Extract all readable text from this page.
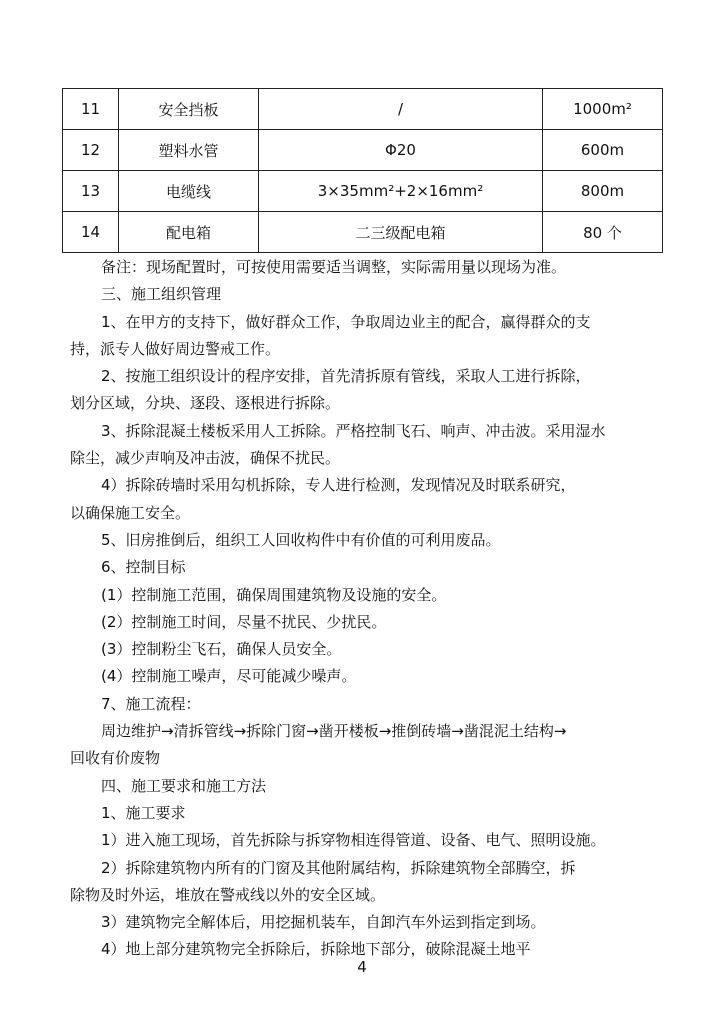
11	安全挡板	/	1000m²
12	塑料水管	Φ20	600m
13	电缆线	3×35mm²+2×16mm²	800m
14	配电箱	二三级配电箱	80 个

备注：现场配置时，可按使用需要适当调整，实际需用量以现场为准。

三、施工组织管理

1、在甲方的支持下，做好群众工作，争取周边业主的配合，赢得群众的支

持，派专人做好周边警戒工作。

2、按施工组织设计的程序安排，首先清拆原有管线，采取人工进行拆除，

划分区域，分块、逐段、逐根进行拆除。

3、拆除混凝土楼板采用人工拆除。严格控制飞石、响声、冲击波。采用湿水

除尘，减少声响及冲击波，确保不扰民。

4）拆除砖墙时采用勾机拆除，专人进行检测，发现情况及时联系研究，

以确保施工安全。

5、旧房推倒后，组织工人回收构件中有价值的可利用废品。

6、控制目标

(1）控制施工范围，确保周围建筑物及设施的安全。

(2）控制施工时间，尽量不扰民、少扰民。

(3）控制粉尘飞石，确保人员安全。

(4）控制施工噪声，尽可能减少噪声。

7、施工流程：

周边维护→清拆管线→拆除门窗→凿开楼板→推倒砖墙→凿混泥土结构→

回收有价废物

四、施工要求和施工方法

1、施工要求

1）进入施工现场，首先拆除与拆穿物相连得管道、设备、电气、照明设施。

2）拆除建筑物内所有的门窗及其他附属结构，拆除建筑物全部腾空，拆

除物及时外运，堆放在警戒线以外的安全区域。

3）建筑物完全解体后，用挖掘机装车，自卸汽车外运到指定到场。

4）地上部分建筑物完全拆除后，拆除地下部分，破除混凝土地平

4
